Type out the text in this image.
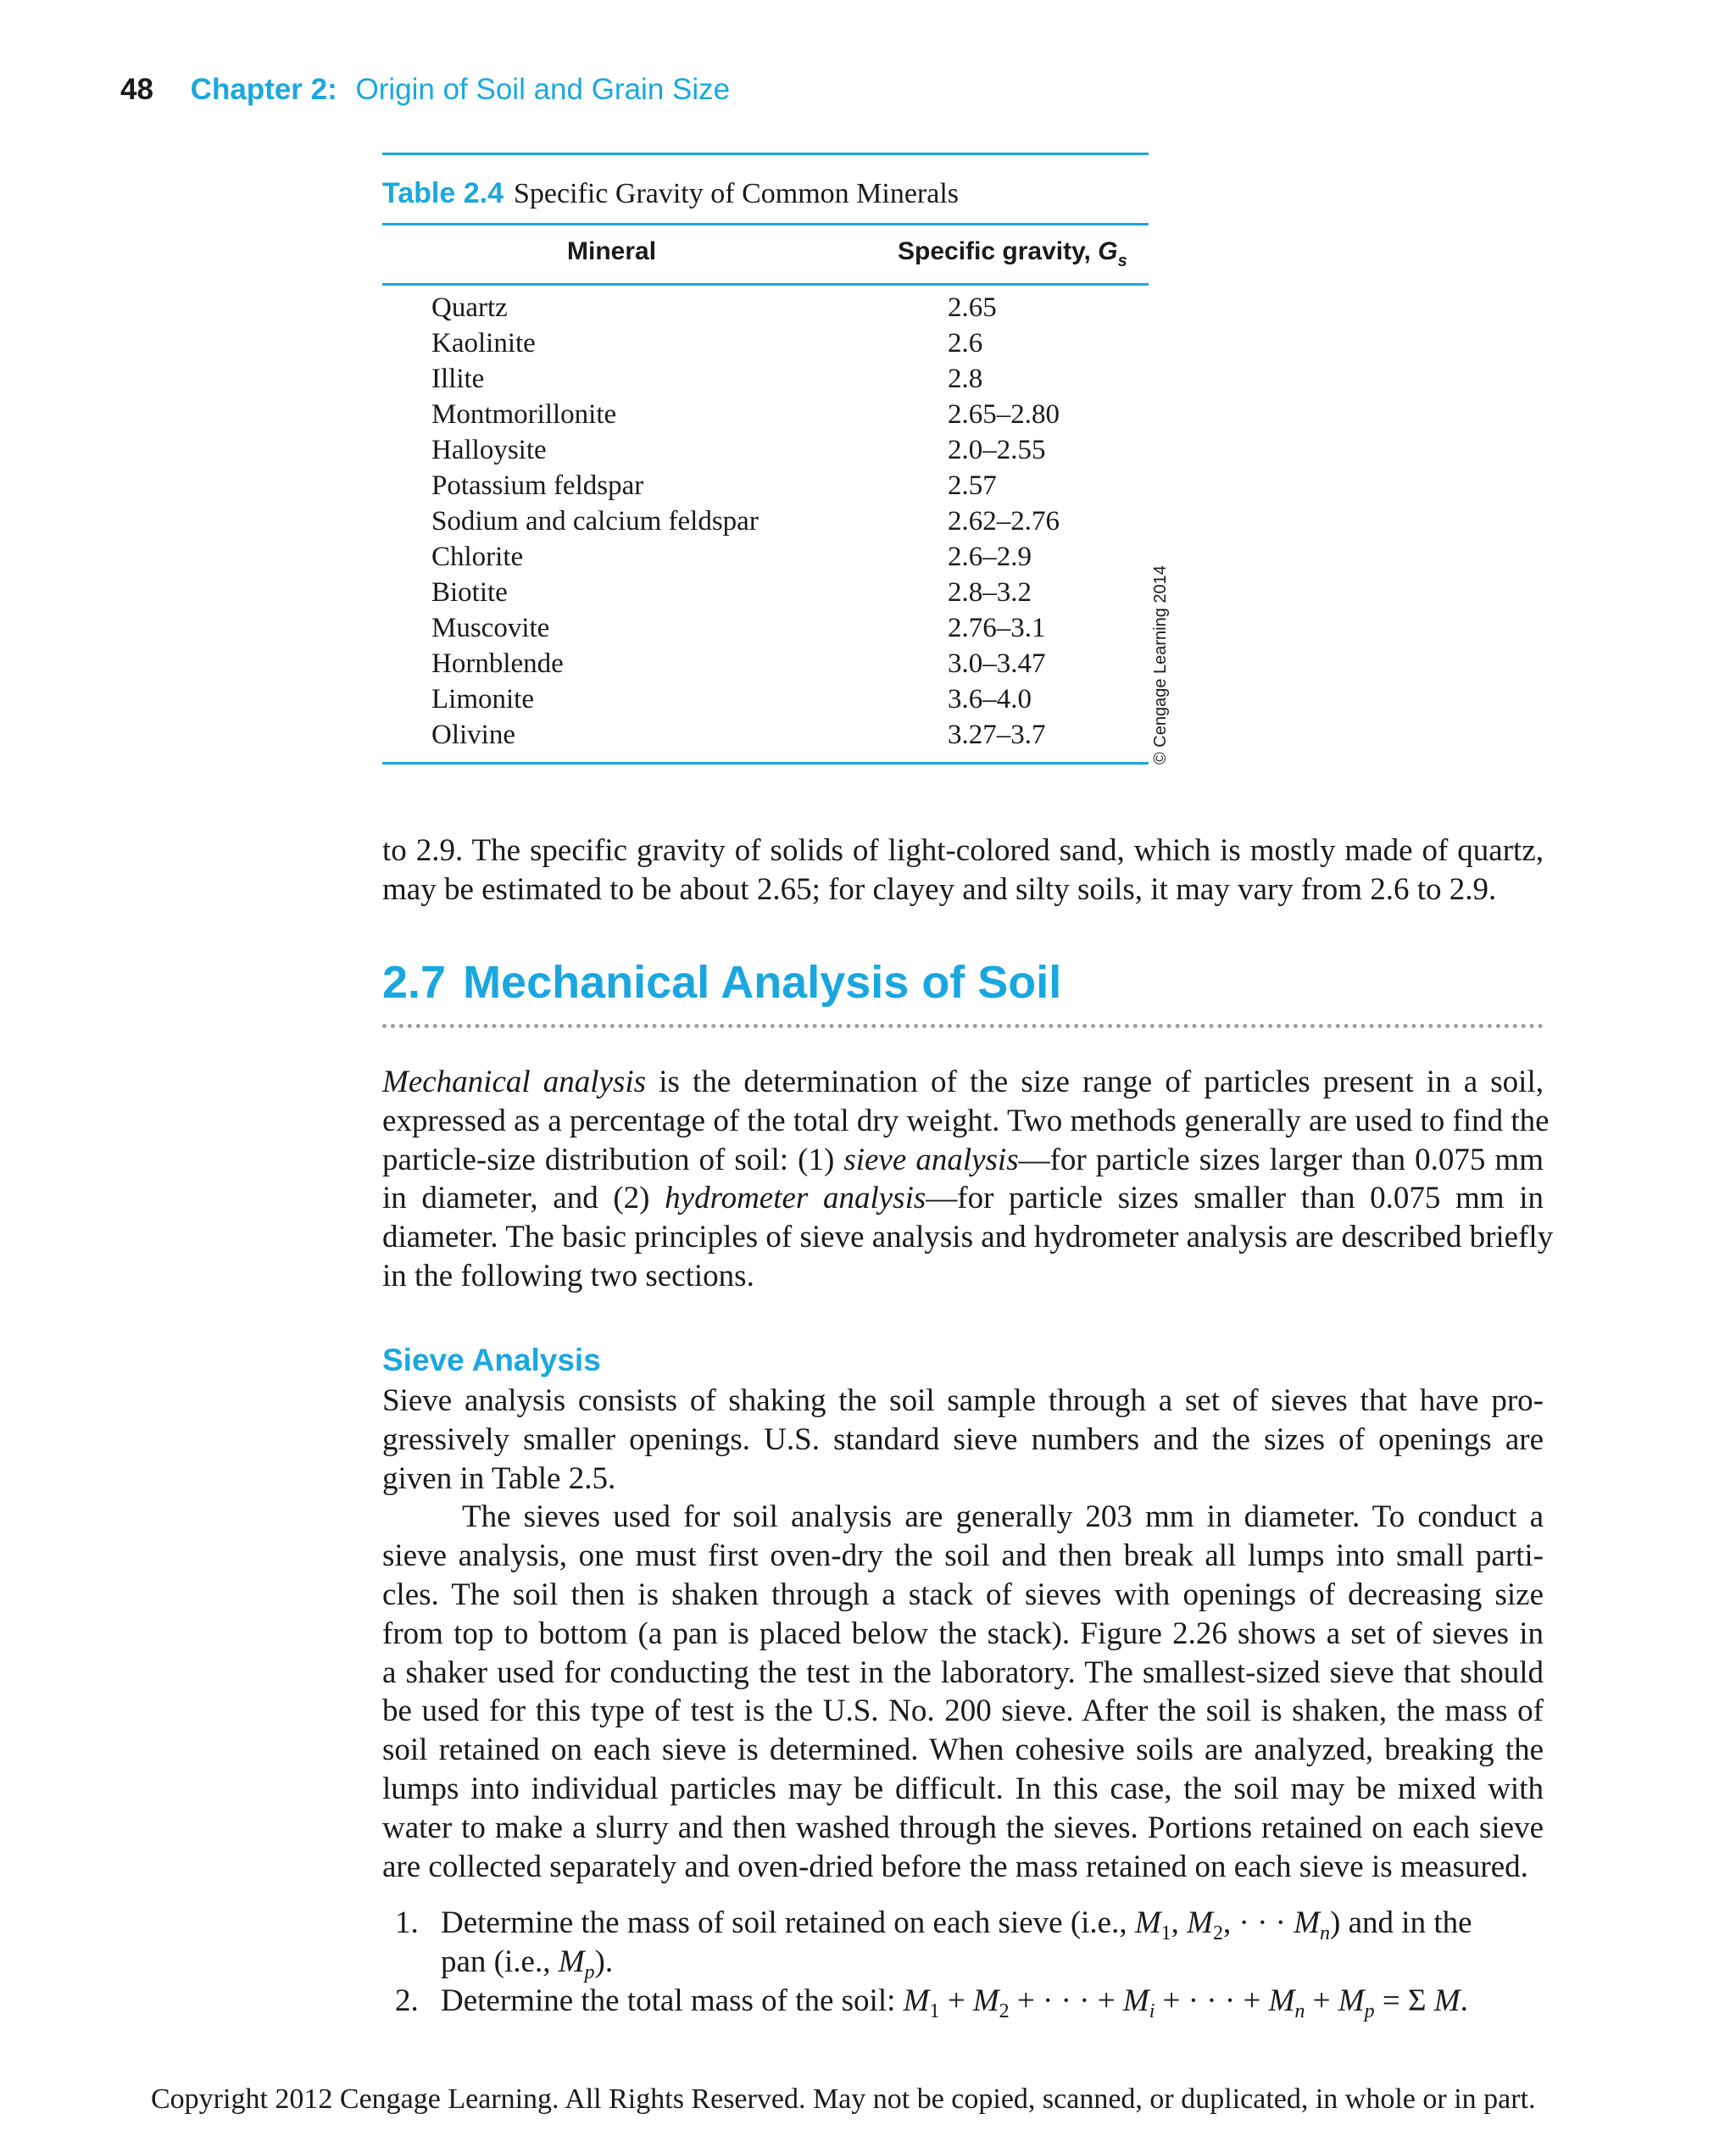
48 Chapter 2: Origin of Soil and Grain Size
Table 2.4 Specific Gravity of Common Minerals
Mineral	Specific gravity, $G_s$
Quartz	2.65
Kaolinite	2.6
Illite	2.8
Montmorillonite	2.65–2.80
Halloysite	2.0–2.55
Potassium feldspar	2.57
Sodium and calcium feldspar	2.62–2.76
Chlorite	2.6–2.9
Biotite	2.8–3.2
Muscovite	2.76–3.1
Hornblende	3.0–3.47
Limonite	3.6–4.0
Olivine	3.27–3.7	© Cengage Learning 2014
to 2.9. The specific gravity of solids of light-colored sand, which is mostly made of quartz,
may be estimated to be about 2.65; for clayey and silty soils, it may vary from 2.6 to 2.9.
2.7 Mechanical Analysis of Soil
Mechanical analysis is the determination of the size range of particles present in a soil,
expressed as a percentage of the total dry weight. Two methods generally are used to find the
particle-size distribution of soil: (1) sieve analysis—for particle sizes larger than 0.075 mm
in diameter, and (2) hydrometer analysis—for particle sizes smaller than 0.075 mm in
diameter. The basic principles of sieve analysis and hydrometer analysis are described briefly
in the following two sections.
Sieve Analysis
Sieve analysis consists of shaking the soil sample through a set of sieves that have pro-
gressively smaller openings. U.S. standard sieve numbers and the sizes of openings are
given in Table 2.5.
The sieves used for soil analysis are generally 203 mm in diameter. To conduct a
sieve analysis, one must first oven-dry the soil and then break all lumps into small parti-
cles. The soil then is shaken through a stack of sieves with openings of decreasing size
from top to bottom (a pan is placed below the stack). Figure 2.26 shows a set of sieves in
a shaker used for conducting the test in the laboratory. The smallest-sized sieve that should
be used for this type of test is the U.S. No. 200 sieve. After the soil is shaken, the mass of
soil retained on each sieve is determined. When cohesive soils are analyzed, breaking the
lumps into individual particles may be difficult. In this case, the soil may be mixed with
water to make a slurry and then washed through the sieves. Portions retained on each sieve
are collected separately and oven-dried before the mass retained on each sieve is measured.
1. Determine the mass of soil retained on each sieve (i.e., $M_1$, $M_2$, · · · $M_n$) and in the
pan (i.e., $M_p$).
2. Determine the total mass of the soil: $M_1 + M_2$ + · · · + $M_i$ + · · · + $M_n + M_p = \Sigma$ M.
Copyright 2012 Cengage Learning. All Rights Reserved. May not be copied, scanned, or duplicated, in whole or in part.
